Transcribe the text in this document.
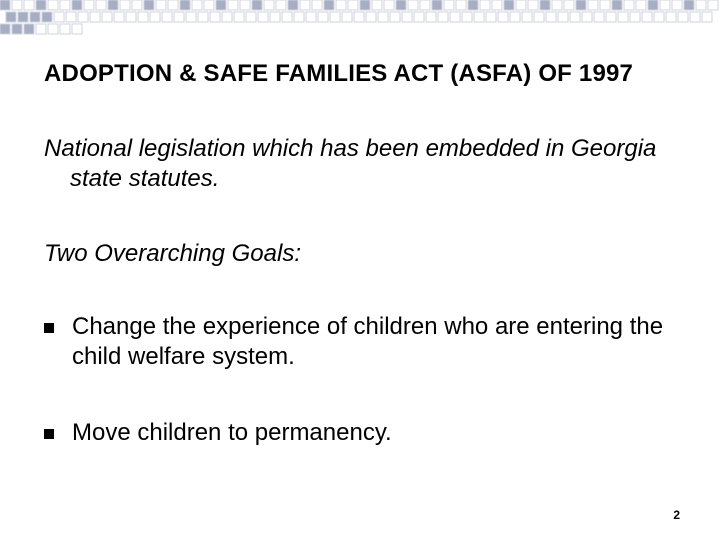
ADOPTION & SAFE FAMILIES ACT (ASFA) OF 1997

National legislation which has been embedded in Georgia state statutes.

Two Overarching Goals:

Change the experience of children who are entering the child welfare system.
Move children to permanency.
2
